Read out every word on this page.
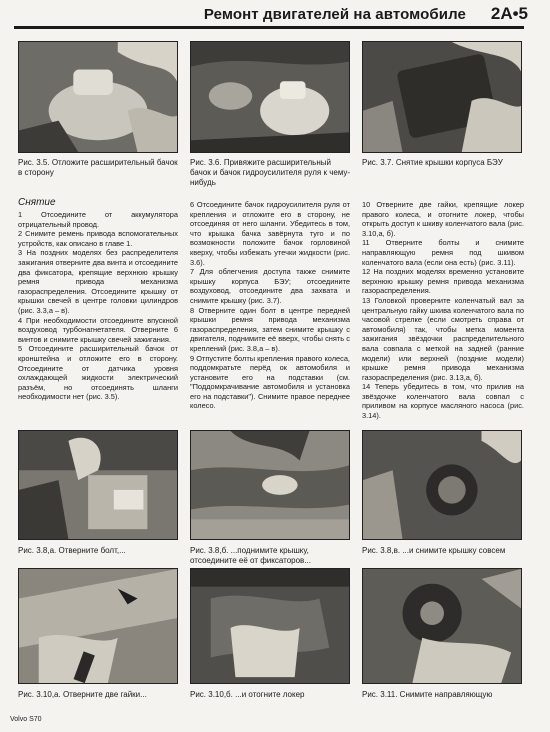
Ремонт двигателей на автомобиле 2A•5
Рис. 3.5. Отложите расширительный бачок в сторону
Рис. 3.6. Привяжите расширительный бачок и бачок гидроусилителя руля к чему-нибудь
Рис. 3.7. Снятие крышки корпуса БЭУ
Снятие

1 Отсоедините от аккумулятора отрицательный провод.

2 Снимите ремень привода вспомогательных устройств, как описано в главе 1.

3 На поздних моделях без распределителя зажигания отверните два винта и отсоедините два фиксатора, крепящие верхнюю крышку ремня привода механизма газораспределения. Отсоедините крышку от крышки свечей в центре головки цилиндров (рис. 3.3,а – в).

4 При необходимости отсоедините впускной воздуховод турбонагнетателя. Отверните 6 винтов и снимите крышку свечей зажигания.

5 Отсоедините расширительный бачок от кронштейна и отложите его в сторону. Отсоедините от датчика уровня охлаждающей жидкости электрический разъём, но отсоединять шланги необходимости нет (рис. 3.5).

6 Отсоедините бачок гидроусилителя руля от крепления и отложите его в сторону, не отсоединяя от него шланги. Убедитесь в том, что крышка бачка завёрнута туго и по возможности положите бачок горловиной кверху, чтобы избежать утечки жидкости (рис. 3.6).

7 Для облегчения доступа также снимите крышку корпуса БЭУ; отсоедините воздуховод, отсоедините два захвата и снимите крышку (рис. 3.7).

8 Отверните один болт в центре передней крышки ремня привода механизма газораспределения, затем снимите крышку с двигателя, поднимите её вверх, чтобы снять с креплений (рис. 3.8,а – в).

9 Отпустите болты крепления правого колеса, поддомкратьте перёд ок автомобиля и установите его на подставки (см. "Поддомкрачивание автомобиля и установка его на подставки"). Снимите правое переднее колесо.

10 Отверните две гайки, крепящие локер правого колеса, и отогните локер, чтобы открыть доступ к шкиву коленчатого вала (рис. 3.10,а, б).

11 Отверните болты и снимите направляющую ремня под шкивом коленчатого вала (если она есть) (рис. 3.11).

12 На поздних моделях временно установите верхнюю крышку ремня привода механизма газораспределения.

13 Головкой проверните коленчатый вал за центральную гайку шкива коленчатого вала по часовой стрелке (если смотреть справа от автомобиля) так, чтобы метка момента зажигания звёздочки распределительного вала совпала с меткой на задней (ранние модели) или верхней (поздние модели) крышке ремня привода механизма газораспределения (рис. 3.13,а, б).

14 Теперь убедитесь в том, что прилив на звёздочке коленчатого вала совпал с приливом на корпусе масляного насоса (рис. 3.14).

Рис. 3.8,а. Отверните болт,...	Рис. 3.8,б. ...поднимите крышку, отсоедините её от фиксаторов...
Рис. 3.8,в. ...и снимите крышку совсем
Рис. 3.10,а. Отверните две гайки...	Рис. 3.10,б. ...и отогните локер	Рис. 3.11. Снимите направляющую
Volvo S70
